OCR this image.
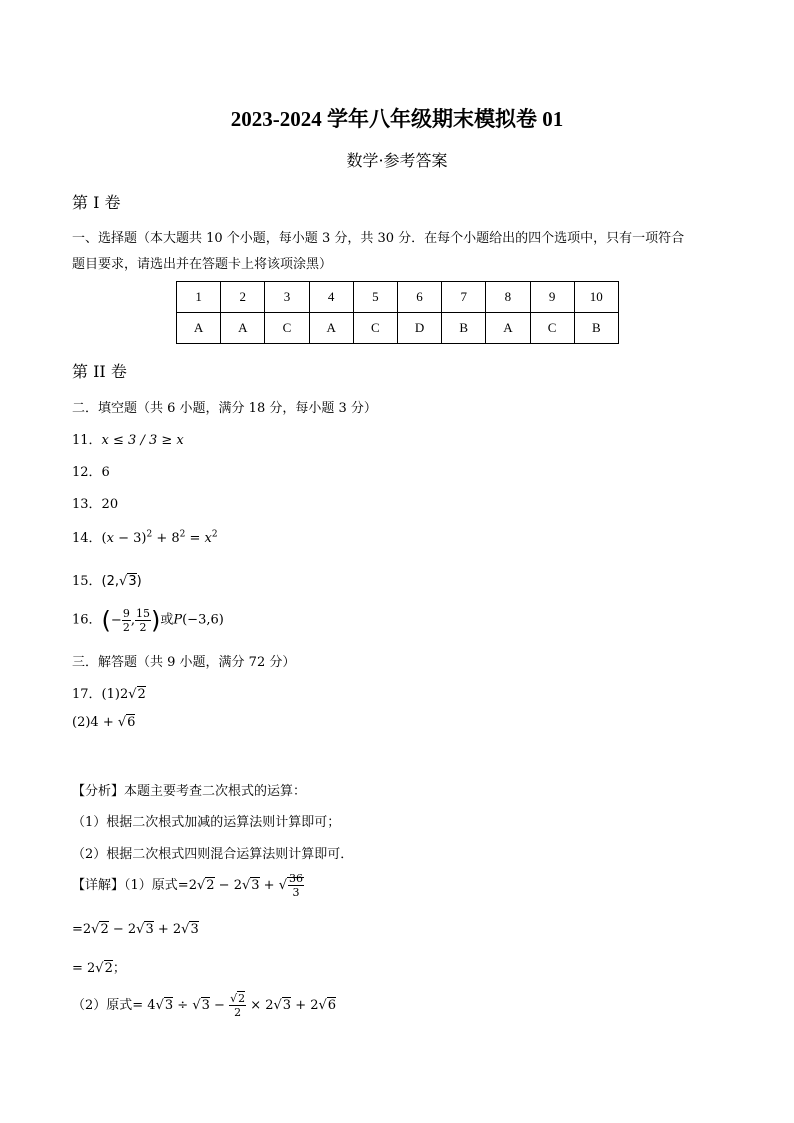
2023-2024 学年八年级期末模拟卷 01
数学·参考答案
第 I 卷
一、选择题（本大题共 10 个小题，每小题 3 分，共 30 分．在每个小题给出的四个选项中，只有一项符合
题目要求，请选出并在答题卡上将该项涂黑）
1	2	3	4	5	6	7	8	9	10
A	A	C	A	C	D	B	A	C	B
第 II 卷
二．填空题（共 6 小题，满分 18 分，每小题 3 分）
11．x ≤ 3 / 3 ≥ x
12．6
13．20
14．$(x - 3)^2 + 8^2 = x^2$
15．(2,√3)
16．(− $\frac{9}{2}$ , $\frac{15}{2}$ )或P(−3,6)
三．解答题（共 9 小题，满分 72 分）
17．(1)2√2
(2)4 + √6
【分析】本题主要考查二次根式的运算：
（1）根据二次根式加减的运算法则计算即可；
（2）根据二次根式四则混合运算法则计算即可．
【详解】（1）原式=2√2 − 2√3 + √ $\frac{36}{3}$
=2√2 − 2√3 + 2√3
= 2√2；
（2）原式= $4√3 \div √3 - \frac{√2}{2} \times 2√3 + 2√6$
